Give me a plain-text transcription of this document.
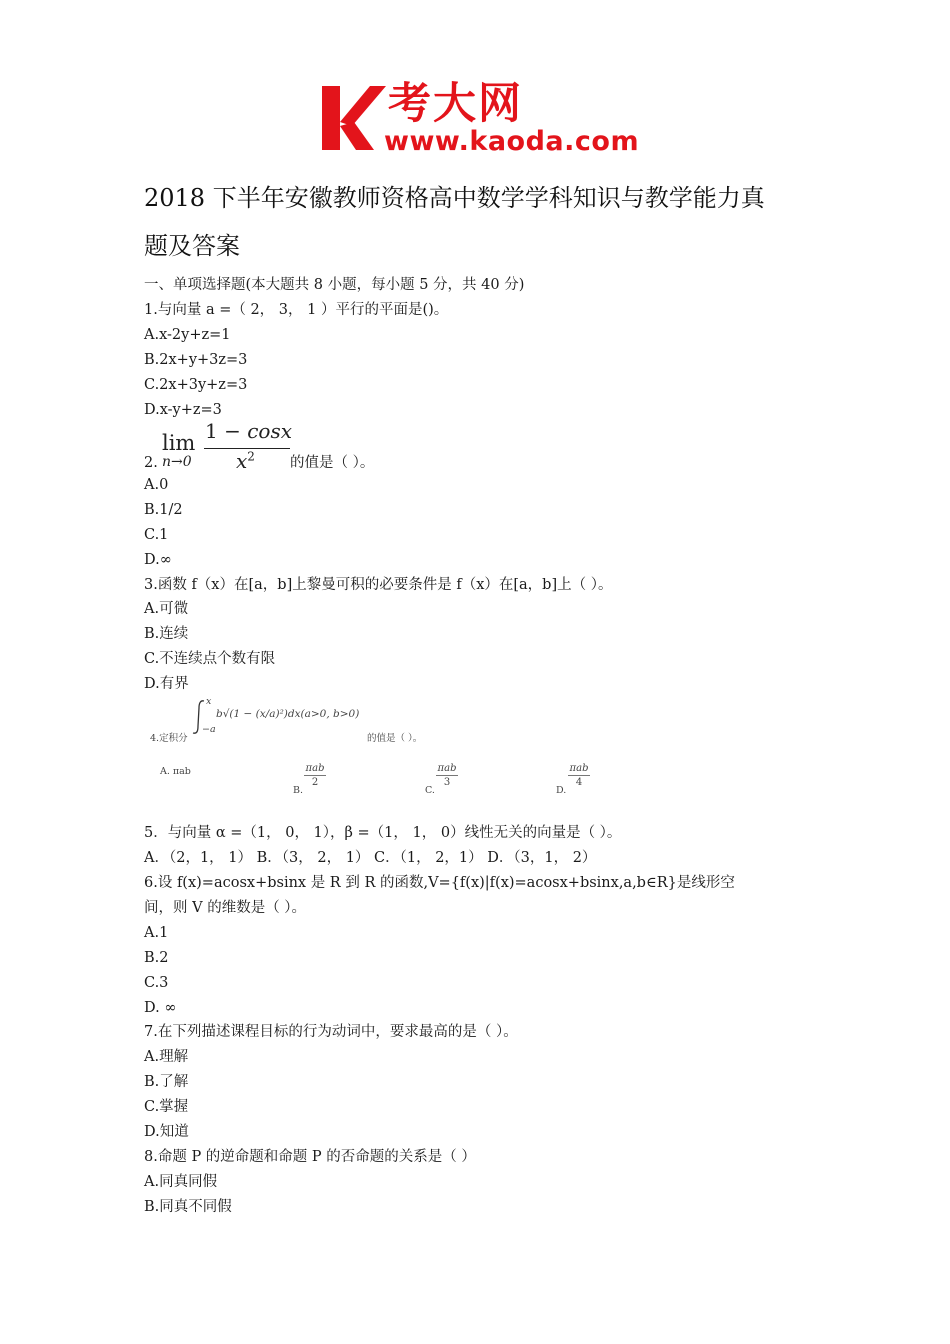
考大网
www.kaoda.com
2018 下半年安徽教师资格高中数学学科知识与教学能力真
题及答案
一、单项选择题(本大题共 8 小题，每小题 5 分，共 40 分)
1.与向量 a =（ 2， 3， 1 ）平行的平面是()。
A.x-2y+z=1
B.2x+y+3z=3
C.2x+3y+z=3
D.x-y+z=3
lim
n→0
1 − cosx
$x^2$
2.	的值是（ ）。
A.0
B.1/2
C.1
D.∞
3.函数 f（x）在[a，b]上黎曼可积的必要条件是 f（x）在[a，b]上（ ）。
A.可微
B.连续
C.不连续点个数有限
D.有界
x
−a
b√(1 − (x/a)²)dx(a>0, b>0)
4.定积分	的值是（ ）。
A. πab
B.
πab
2
C.
πab
3
D.
πab
4
5．与向量 α =（1， 0， 1），β =（1， 1， 0）线性无关的向量是（ ）。
A．（2，1， 1） B．（3， 2， 1） C．（1， 2，1） D．（3，1， 2）
6.设 f(x)=acosx+bsinx 是 R 到 R 的函数,V={f(x)|f(x)=acosx+bsinx,a,b∈R}是线形空
间，则 V 的维数是（ ）。
A.1
B.2
C.3
D. ∞
7.在下列描述课程目标的行为动词中，要求最高的是（ ）。
A.理解
B.了解
C.掌握
D.知道
8.命题 P 的逆命题和命题 P 的否命题的关系是（ ）
A.同真同假
B.同真不同假
